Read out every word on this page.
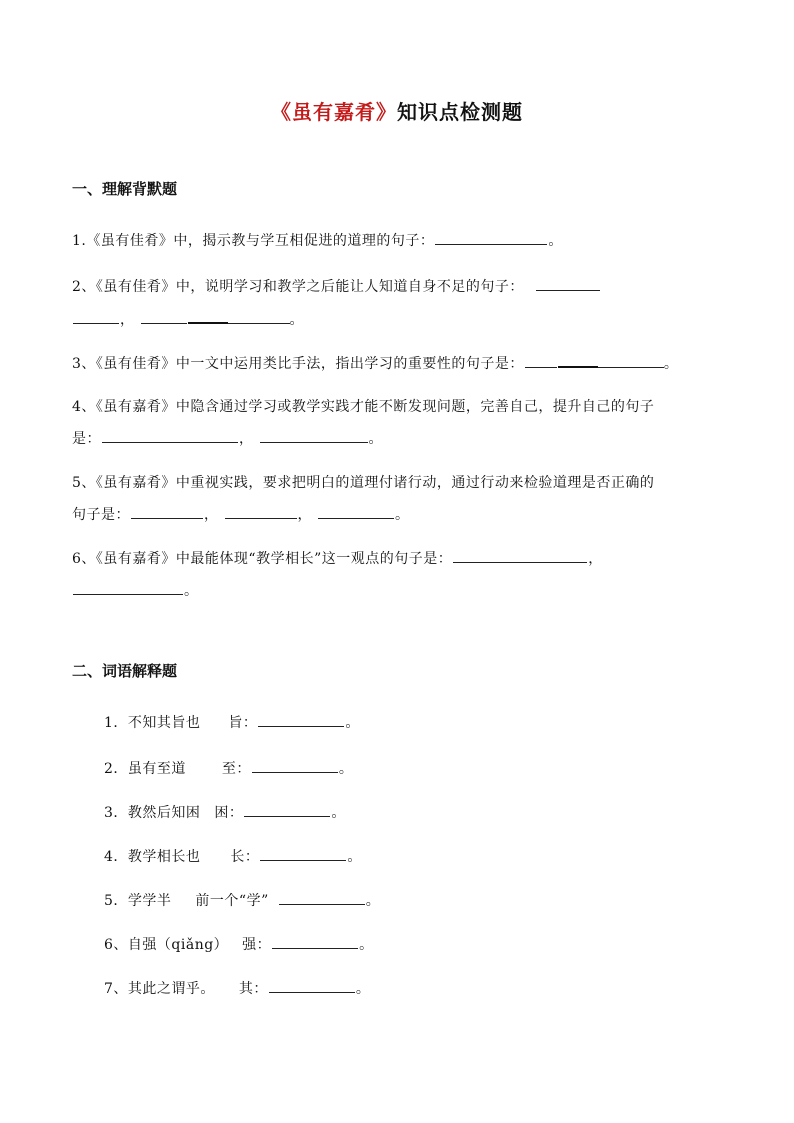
《虽有嘉肴》知识点检测题
一、理解背默题
1.《虽有佳肴》中，揭示教与学互相促进的道理的句子：	。
2、《虽有佳肴》中，说明学习和教学之后能让人知道自身不足的句子：
，	。
3、《虽有佳肴》中一文中运用类比手法，指出学习的重要性的句子是：	。
4、《虽有嘉肴》中隐含通过学习或教学实践才能不断发现问题，完善自己，提升自己的句子
是：	，	。
5、《虽有嘉肴》中重视实践，要求把明白的道理付诸行动，通过行动来检验道理是否正确的
句子是：	，	，	。
6、《虽有嘉肴》中最能体现“教学相长”这一观点的句子是：	，
。
二、词语解释题
1．不知其旨也 旨：	。
2．虽有至道	至：	。
3．教然后知困 困：	。
4．教学相长也 长：	。
5．学学半 前一个“学”	。
6、自强（qiǎng） 强：	。
7、其此之谓乎。 其：	。
